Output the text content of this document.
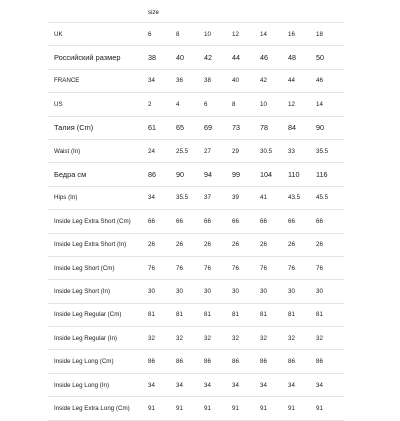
	size						
UK	6	8	10	12	14	16	18
Российский размер	38	40	42	44	46	48	50
FRANCE	34	36	38	40	42	44	46
US	2	4	6	8	10	12	14
Талия (Cm)	61	65	69	73	78	84	90
Waist (In)	24	25.5	27	29	30.5	33	35.5
Бедра см	86	90	94	99	104	110	116
Hips (In)	34	35.5	37	39	41	43.5	45.5
Inside Leg Extra Short (Cm)	66	66	66	66	66	66	66
Inside Leg Extra Short (In)	26	26	26	26	26	26	26
Inside Leg Short (Cm)	76	76	76	76	76	76	76
Inside Leg Short (In)	30	30	30	30	30	30	30
Inside Leg Regular (Cm)	81	81	81	81	81	81	81
Inside Leg Regular (In)	32	32	32	32	32	32	32
Inside Leg Long (Cm)	86	86	86	86	86	86	86
Inside Leg Long (In)	34	34	34	34	34	34	34
Inside Leg Extra Long (Cm)	91	91	91	91	91	91	91
